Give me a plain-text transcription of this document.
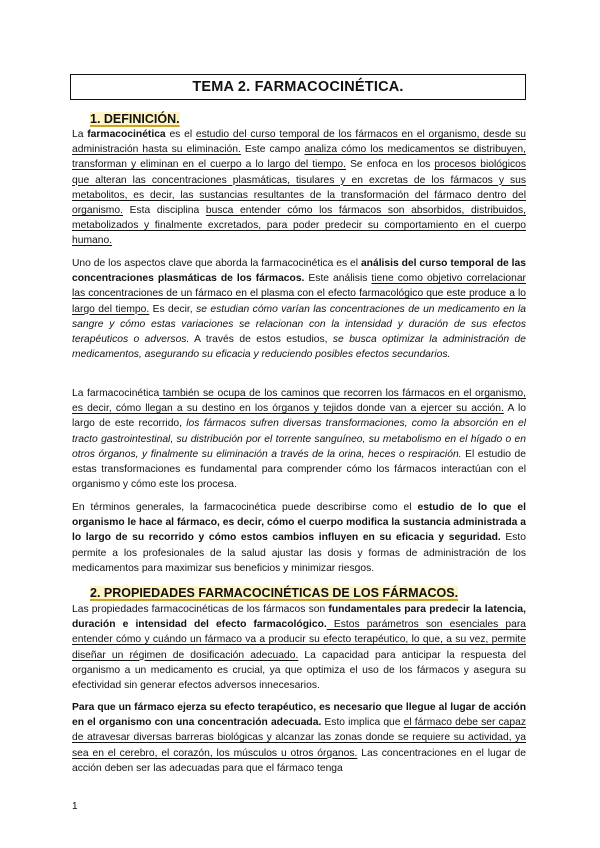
TEMA 2. FARMACOCINÉTICA.
1. DEFINICIÓN.
La farmacocinética es el estudio del curso temporal de los fármacos en el organismo, desde su administración hasta su eliminación. Este campo analiza cómo los medicamentos se distribuyen, transforman y eliminan en el cuerpo a lo largo del tiempo. Se enfoca en los procesos biológicos que alteran las concentraciones plasmáticas, tisulares y en excretas de los fármacos y sus metabolitos, es decir, las sustancias resultantes de la transformación del fármaco dentro del organismo. Esta disciplina busca entender cómo los fármacos son absorbidos, distribuidos, metabolizados y finalmente excretados, para poder predecir su comportamiento en el cuerpo humano.
Uno de los aspectos clave que aborda la farmacocinética es el análisis del curso temporal de las concentraciones plasmáticas de los fármacos. Este análisis tiene como objetivo correlacionar las concentraciones de un fármaco en el plasma con el efecto farmacológico que este produce a lo largo del tiempo. Es decir, se estudian cómo varían las concentraciones de un medicamento en la sangre y cómo estas variaciones se relacionan con la intensidad y duración de sus efectos terapéuticos o adversos. A través de estos estudios, se busca optimizar la administración de medicamentos, asegurando su eficacia y reduciendo posibles efectos secundarios.
La farmacocinética también se ocupa de los caminos que recorren los fármacos en el organismo, es decir, cómo llegan a su destino en los órganos y tejidos donde van a ejercer su acción. A lo largo de este recorrido, los fármacos sufren diversas transformaciones, como la absorción en el tracto gastrointestinal, su distribución por el torrente sanguíneo, su metabolismo en el hígado o en otros órganos, y finalmente su eliminación a través de la orina, heces o respiración. El estudio de estas transformaciones es fundamental para comprender cómo los fármacos interactúan con el organismo y cómo este los procesa.
En términos generales, la farmacocinética puede describirse como el estudio de lo que el organismo le hace al fármaco, es decir, cómo el cuerpo modifica la sustancia administrada a lo largo de su recorrido y cómo estos cambios influyen en su eficacia y seguridad. Esto permite a los profesionales de la salud ajustar las dosis y formas de administración de los medicamentos para maximizar sus beneficios y minimizar riesgos.
2. PROPIEDADES FARMACOCINÉTICAS DE LOS FÁRMACOS.
Las propiedades farmacocinéticas de los fármacos son fundamentales para predecir la latencia, duración e intensidad del efecto farmacológico. Estos parámetros son esenciales para entender cómo y cuándo un fármaco va a producir su efecto terapéutico, lo que, a su vez, permite diseñar un régimen de dosificación adecuado. La capacidad para anticipar la respuesta del organismo a un medicamento es crucial, ya que optimiza el uso de los fármacos y asegura su efectividad sin generar efectos adversos innecesarios.
Para que un fármaco ejerza su efecto terapéutico, es necesario que llegue al lugar de acción en el organismo con una concentración adecuada. Esto implica que el fármaco debe ser capaz de atravesar diversas barreras biológicas y alcanzar las zonas donde se requiere su actividad, ya sea en el cerebro, el corazón, los músculos u otros órganos. Las concentraciones en el lugar de acción deben ser las adecuadas para que el fármaco tenga
1
